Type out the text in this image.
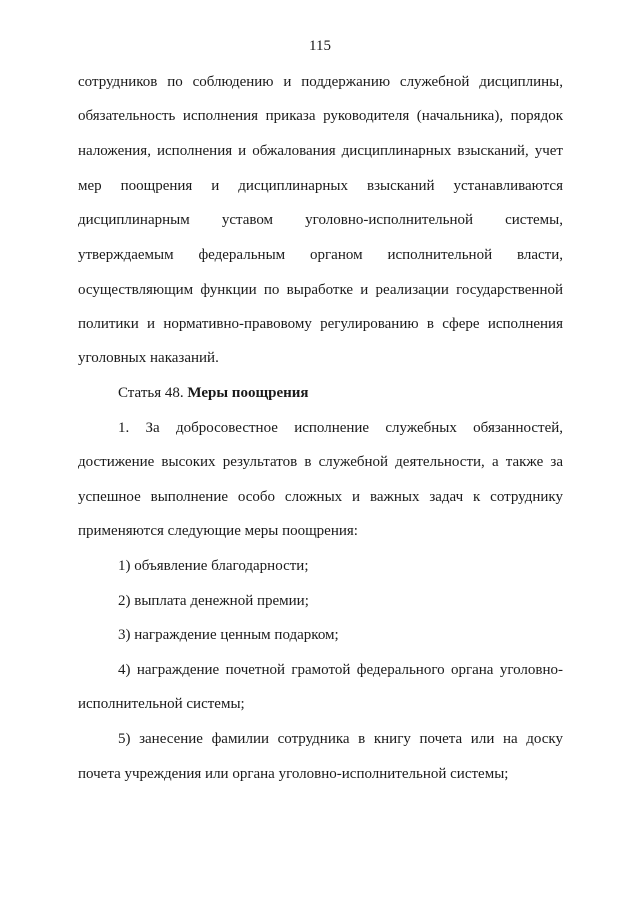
115
сотрудников по соблюдению и поддержанию служебной дисциплины,
обязательность исполнения приказа руководителя (начальника), порядок
наложения, исполнения и обжалования дисциплинарных взысканий, учет
мер поощрения и дисциплинарных взысканий устанавливаются
дисциплинарным уставом уголовно-исполнительной системы,
утверждаемым федеральным органом исполнительной власти,
осуществляющим функции по выработке и реализации государственной
политики и нормативно-правовому регулированию в сфере исполнения
уголовных наказаний.
Статья 48. Меры поощрения
1. За добросовестное исполнение служебных обязанностей,
достижение высоких результатов в служебной деятельности, а также за
успешное выполнение особо сложных и важных задач к сотруднику
применяются следующие меры поощрения:
1) объявление благодарности;
2) выплата денежной премии;
3) награждение ценным подарком;
4) награждение почетной грамотой федерального органа уголовно-
исполнительной системы;
5) занесение фамилии сотрудника в книгу почета или на доску
почета учреждения или органа уголовно-исполнительной системы;
